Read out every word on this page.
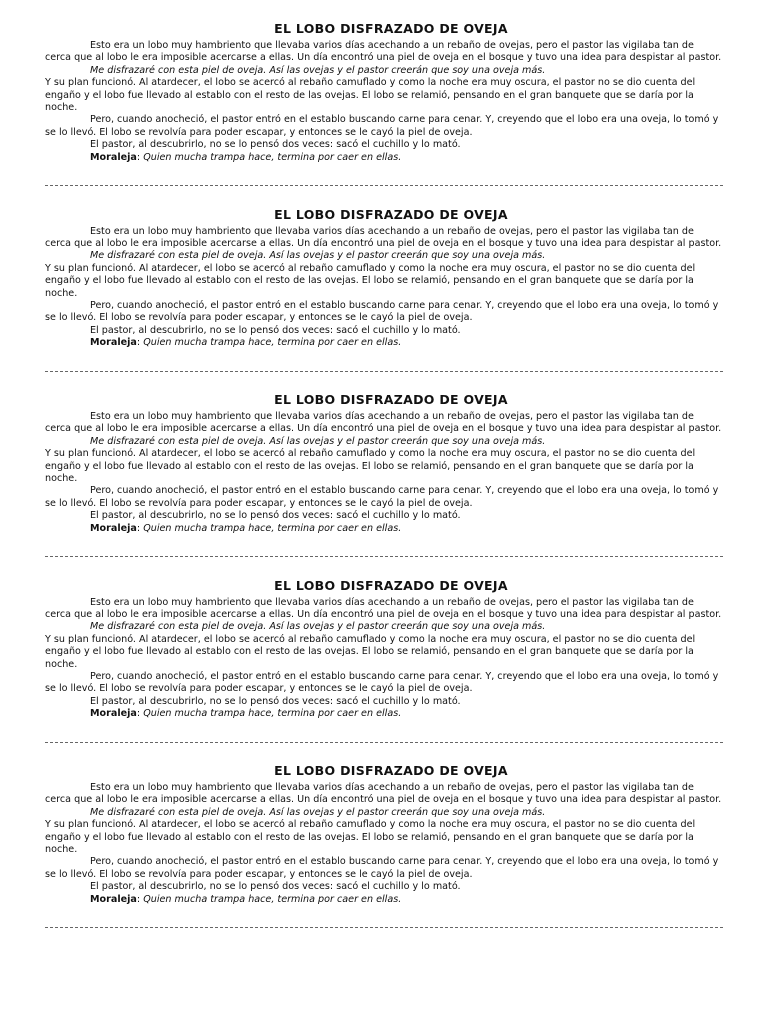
EL LOBO DISFRAZADO DE OVEJA

Esto era un lobo muy hambriento que llevaba varios días acechando a un rebaño de ovejas, pero el pastor las vigilaba tan de cerca que al lobo le era imposible acercarse a ellas. Un día encontró una piel de oveja en el bosque y tuvo una idea para despistar al pastor.

Me disfrazaré con esta piel de oveja. Así las ovejas y el pastor creerán que soy una oveja más.

Y su plan funcionó. Al atardecer, el lobo se acercó al rebaño camuflado y como la noche era muy oscura, el pastor no se dio cuenta del engaño y el lobo fue llevado al establo con el resto de las ovejas. El lobo se relamió, pensando en el gran banquete que se daría por la noche.

Pero, cuando anocheció, el pastor entró en el establo buscando carne para cenar. Y, creyendo que el lobo era una oveja, lo tomó y se lo llevó. El lobo se revolvía para poder escapar, y entonces se le cayó la piel de oveja.

El pastor, al descubrirlo, no se lo pensó dos veces: sacó el cuchillo y lo mató.

Moraleja: Quien mucha trampa hace, termina por caer en ellas.

EL LOBO DISFRAZADO DE OVEJA

Esto era un lobo muy hambriento que llevaba varios días acechando a un rebaño de ovejas, pero el pastor las vigilaba tan de cerca que al lobo le era imposible acercarse a ellas. Un día encontró una piel de oveja en el bosque y tuvo una idea para despistar al pastor.

Me disfrazaré con esta piel de oveja. Así las ovejas y el pastor creerán que soy una oveja más.

Y su plan funcionó. Al atardecer, el lobo se acercó al rebaño camuflado y como la noche era muy oscura, el pastor no se dio cuenta del engaño y el lobo fue llevado al establo con el resto de las ovejas. El lobo se relamió, pensando en el gran banquete que se daría por la noche.

Pero, cuando anocheció, el pastor entró en el establo buscando carne para cenar. Y, creyendo que el lobo era una oveja, lo tomó y se lo llevó. El lobo se revolvía para poder escapar, y entonces se le cayó la piel de oveja.

El pastor, al descubrirlo, no se lo pensó dos veces: sacó el cuchillo y lo mató.

Moraleja: Quien mucha trampa hace, termina por caer en ellas.

EL LOBO DISFRAZADO DE OVEJA

Esto era un lobo muy hambriento que llevaba varios días acechando a un rebaño de ovejas, pero el pastor las vigilaba tan de cerca que al lobo le era imposible acercarse a ellas. Un día encontró una piel de oveja en el bosque y tuvo una idea para despistar al pastor.

Me disfrazaré con esta piel de oveja. Así las ovejas y el pastor creerán que soy una oveja más.

Y su plan funcionó. Al atardecer, el lobo se acercó al rebaño camuflado y como la noche era muy oscura, el pastor no se dio cuenta del engaño y el lobo fue llevado al establo con el resto de las ovejas. El lobo se relamió, pensando en el gran banquete que se daría por la noche.

Pero, cuando anocheció, el pastor entró en el establo buscando carne para cenar. Y, creyendo que el lobo era una oveja, lo tomó y se lo llevó. El lobo se revolvía para poder escapar, y entonces se le cayó la piel de oveja.

El pastor, al descubrirlo, no se lo pensó dos veces: sacó el cuchillo y lo mató.

Moraleja: Quien mucha trampa hace, termina por caer en ellas.

EL LOBO DISFRAZADO DE OVEJA

Esto era un lobo muy hambriento que llevaba varios días acechando a un rebaño de ovejas, pero el pastor las vigilaba tan de cerca que al lobo le era imposible acercarse a ellas. Un día encontró una piel de oveja en el bosque y tuvo una idea para despistar al pastor.

Me disfrazaré con esta piel de oveja. Así las ovejas y el pastor creerán que soy una oveja más.

Y su plan funcionó. Al atardecer, el lobo se acercó al rebaño camuflado y como la noche era muy oscura, el pastor no se dio cuenta del engaño y el lobo fue llevado al establo con el resto de las ovejas. El lobo se relamió, pensando en el gran banquete que se daría por la noche.

Pero, cuando anocheció, el pastor entró en el establo buscando carne para cenar. Y, creyendo que el lobo era una oveja, lo tomó y se lo llevó. El lobo se revolvía para poder escapar, y entonces se le cayó la piel de oveja.

El pastor, al descubrirlo, no se lo pensó dos veces: sacó el cuchillo y lo mató.

Moraleja: Quien mucha trampa hace, termina por caer en ellas.

EL LOBO DISFRAZADO DE OVEJA

Esto era un lobo muy hambriento que llevaba varios días acechando a un rebaño de ovejas, pero el pastor las vigilaba tan de cerca que al lobo le era imposible acercarse a ellas. Un día encontró una piel de oveja en el bosque y tuvo una idea para despistar al pastor.

Me disfrazaré con esta piel de oveja. Así las ovejas y el pastor creerán que soy una oveja más.

Y su plan funcionó. Al atardecer, el lobo se acercó al rebaño camuflado y como la noche era muy oscura, el pastor no se dio cuenta del engaño y el lobo fue llevado al establo con el resto de las ovejas. El lobo se relamió, pensando en el gran banquete que se daría por la noche.

Pero, cuando anocheció, el pastor entró en el establo buscando carne para cenar. Y, creyendo que el lobo era una oveja, lo tomó y se lo llevó. El lobo se revolvía para poder escapar, y entonces se le cayó la piel de oveja.

El pastor, al descubrirlo, no se lo pensó dos veces: sacó el cuchillo y lo mató.

Moraleja: Quien mucha trampa hace, termina por caer en ellas.
